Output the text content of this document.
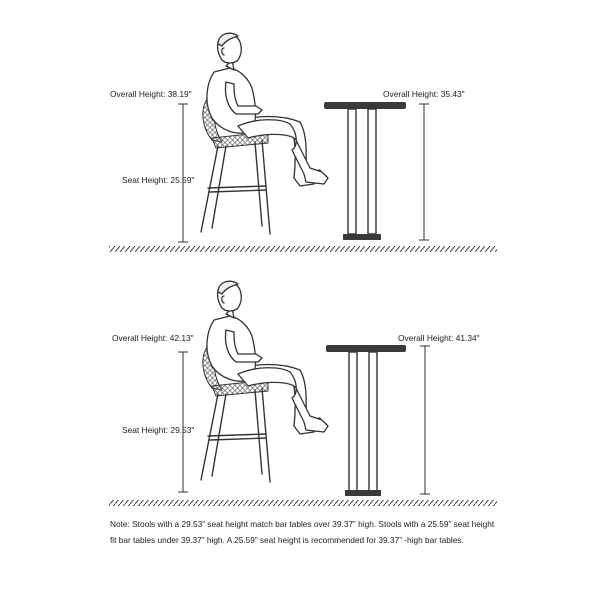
Overall Height: 38.19"
Seat Height: 25.59"
Overall Height: 35.43"
Overall Height: 42.13"
Seat Height: 29.53"
Overall Height: 41.34"
Note: Stools with a 29.53” seat height match bar tables over 39.37” high. Stools with a 25.59” seat height fit bar tables under 39.37” high. A 25.59” seat height is recommended for 39.37” -high bar tables.
